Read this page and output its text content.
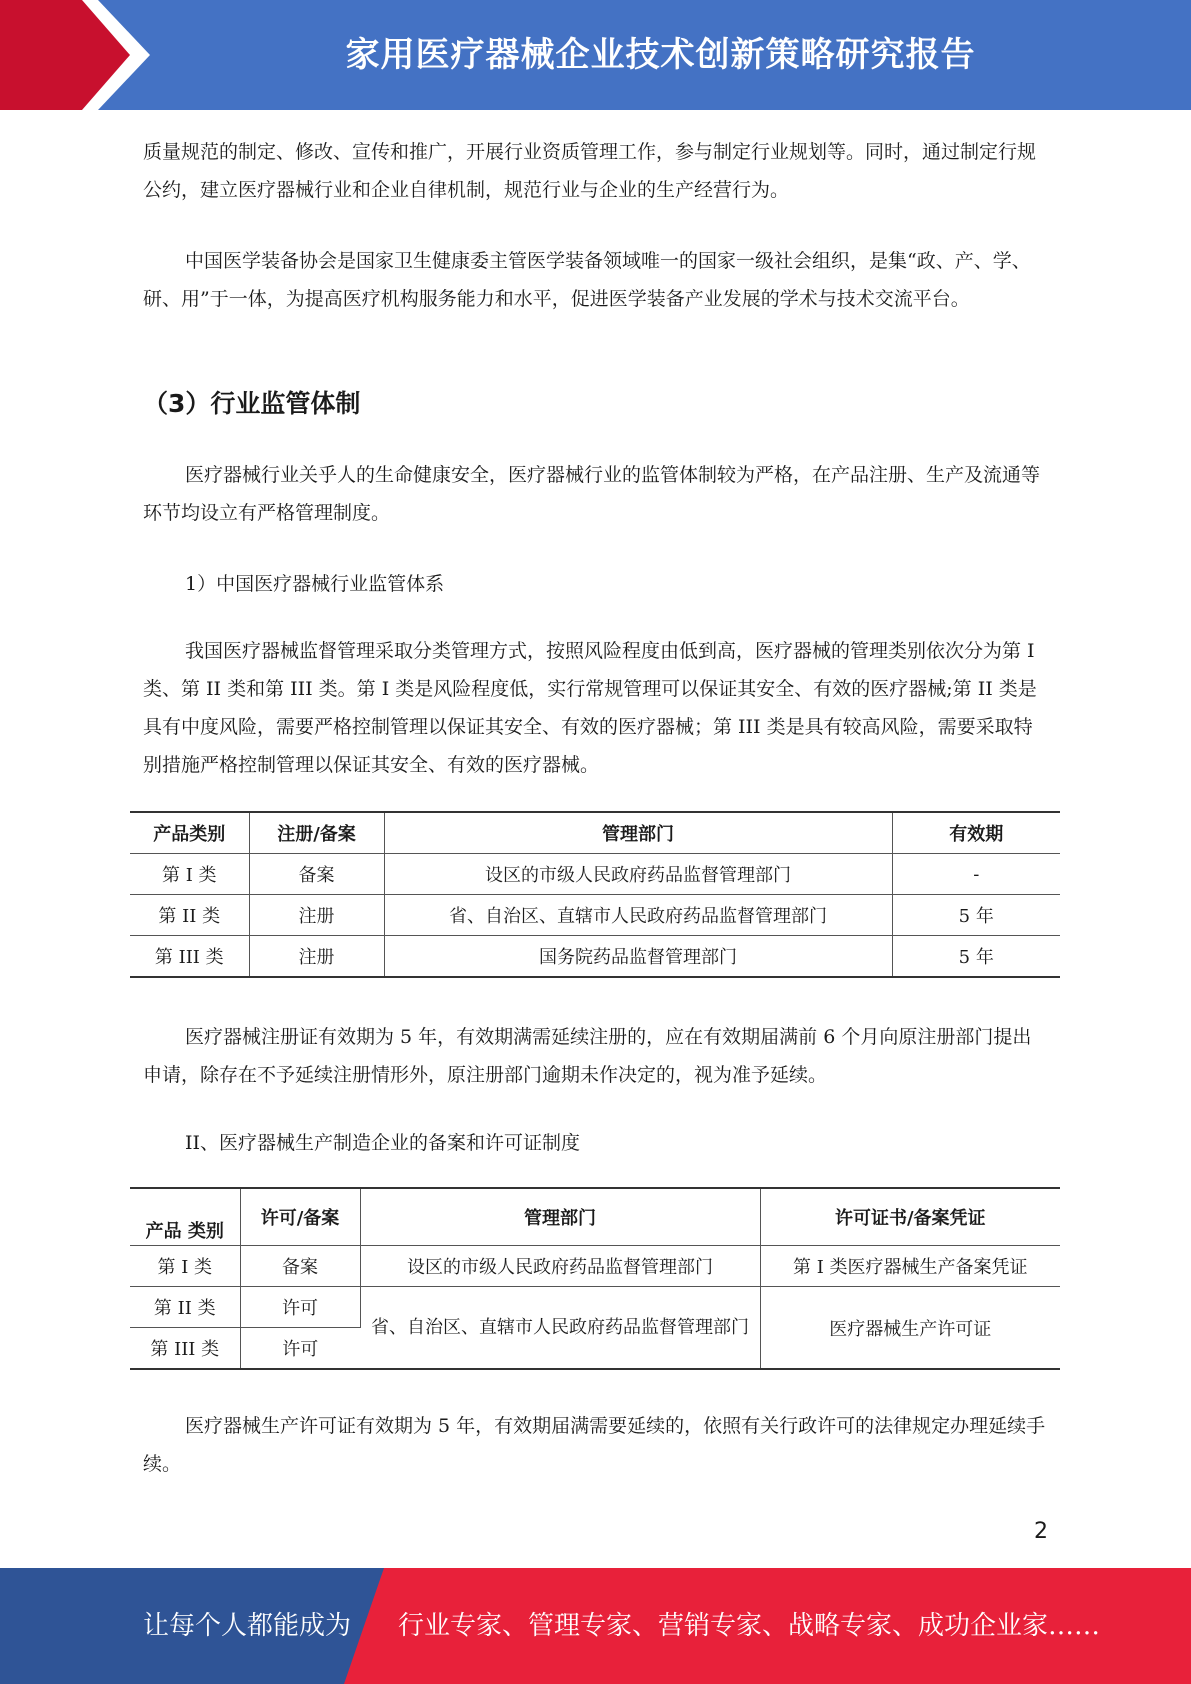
家用医疗器械企业技术创新策略研究报告

质量规范的制定、修改、宣传和推广，开展行业资质管理工作，参与制定行业规划等。同时，通过制定行规公约，建立医疗器械行业和企业自律机制，规范行业与企业的生产经营行为。

中国医学装备协会是国家卫生健康委主管医学装备领域唯一的国家一级社会组织，是集“政、产、学、研、用”于一体，为提高医疗机构服务能力和水平，促进医学装备产业发展的学术与技术交流平台。

（3）行业监管体制

医疗器械行业关乎人的生命健康安全，医疗器械行业的监管体制较为严格，在产品注册、生产及流通等环节均设立有严格管理制度。

1）中国医疗器械行业监管体系

我国医疗器械监督管理采取分类管理方式，按照风险程度由低到高，医疗器械的管理类别依次分为第 I 类、第 II 类和第 III 类。第 I 类是风险程度低，实行常规管理可以保证其安全、有效的医疗器械;第 II 类是具有中度风险，需要严格控制管理以保证其安全、有效的医疗器械；第 III 类是具有较高风险，需要采取特别措施严格控制管理以保证其安全、有效的医疗器械。

产品类别	注册/备案	管理部门	有效期
第 I 类	备案	设区的市级人民政府药品监督管理部门	-
第 II 类	注册	省、自治区、直辖市人民政府药品监督管理部门	5 年
第 III 类	注册	国务院药品监督管理部门	5 年

医疗器械注册证有效期为 5 年，有效期满需延续注册的，应在有效期届满前 6 个月向原注册部门提出申请，除存在不予延续注册情形外，原注册部门逾期未作决定的，视为准予延续。

II、医疗器械生产制造企业的备案和许可证制度

产品 类别	许可/备案	管理部门	许可证书/备案凭证
第 I 类	备案	设区的市级人民政府药品监督管理部门	第 I 类医疗器械生产备案凭证
第 II 类	许可	省、自治区、直辖市人民政府药品监督管理部门	医疗器械生产许可证
第 III 类	许可		

医疗器械生产许可证有效期为 5 年，有效期届满需要延续的，依照有关行政许可的法律规定办理延续手续。

2
让每个人都能成为 行业专家、管理专家、营销专家、战略专家、成功企业家……
